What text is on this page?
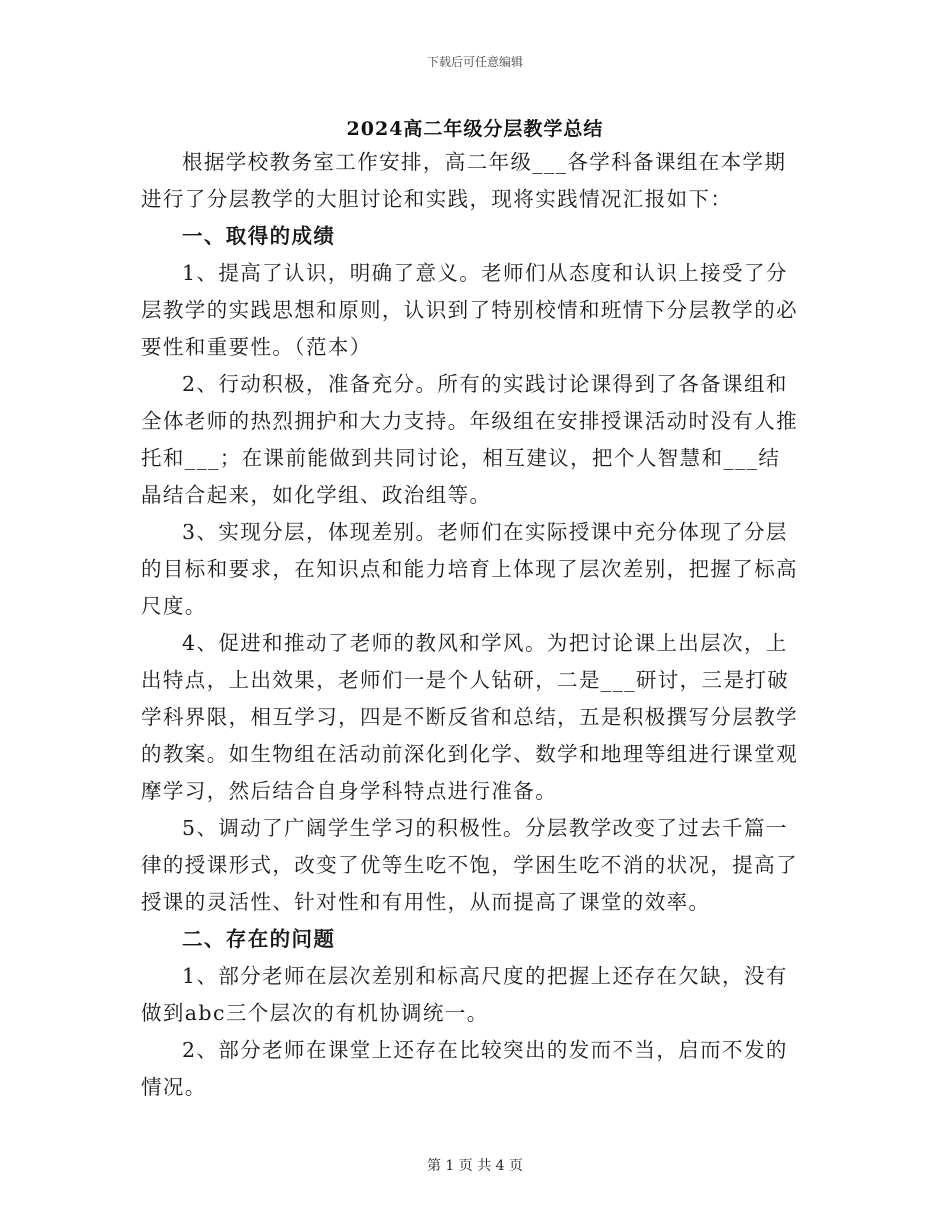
下载后可任意编辑
2024高二年级分层教学总结

根据学校教务室工作安排，高二年级___各学科备课组在本学期进行了分层教学的大胆讨论和实践，现将实践情况汇报如下：

一、取得的成绩

1、提高了认识，明确了意义。老师们从态度和认识上接受了分层教学的实践思想和原则，认识到了特别校情和班情下分层教学的必要性和重要性。（范本）

2、行动积极，准备充分。所有的实践讨论课得到了各备课组和全体老师的热烈拥护和大力支持。年级组在安排授课活动时没有人推托和___；在课前能做到共同讨论，相互建议，把个人智慧和___结晶结合起来，如化学组、政治组等。

3、实现分层，体现差别。老师们在实际授课中充分体现了分层的目标和要求，在知识点和能力培育上体现了层次差别，把握了标高尺度。

4、促进和推动了老师的教风和学风。为把讨论课上出层次，上出特点，上出效果，老师们一是个人钻研，二是___研讨，三是打破学科界限，相互学习，四是不断反省和总结，五是积极撰写分层教学的教案。如生物组在活动前深化到化学、数学和地理等组进行课堂观摩学习，然后结合自身学科特点进行准备。

5、调动了广阔学生学习的积极性。分层教学改变了过去千篇一律的授课形式，改变了优等生吃不饱，学困生吃不消的状况，提高了授课的灵活性、针对性和有用性，从而提高了课堂的效率。

二、存在的问题

1、部分老师在层次差别和标高尺度的把握上还存在欠缺，没有做到abc三个层次的有机协调统一。

2、部分老师在课堂上还存在比较突出的发而不当，启而不发的情况。

第 1 页 共 4 页
